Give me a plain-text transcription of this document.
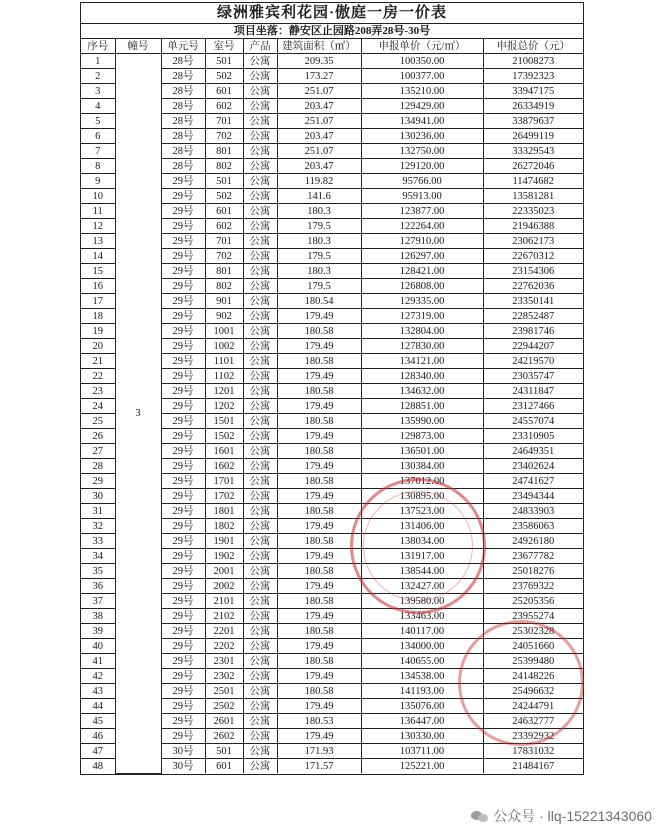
绿洲雅宾利花园·傲庭一房一价表
项目坐落：静安区止园路208弄28号-30号
序号	幢号	单元号	室号	产品	建筑面积（㎡）	申报单价（元/㎡）	申报总价（元）
1	3	28号	501	公寓	209.35	100350.00	21008273
2		28号	502	公寓	173.27	100377.00	17392323
3		28号	601	公寓	251.07	135210.00	33947175
4		28号	602	公寓	203.47	129429.00	26334919
5		28号	701	公寓	251.07	134941.00	33879637
6		28号	702	公寓	203.47	130236.00	26499119
7		28号	801	公寓	251.07	132750.00	33329543
8		28号	802	公寓	203.47	129120.00	26272046
9		29号	501	公寓	119.82	95766.00	11474682
10		29号	502	公寓	141.6	95913.00	13581281
11		29号	601	公寓	180.3	123877.00	22335023
12		29号	602	公寓	179.5	122264.00	21946388
13		29号	701	公寓	180.3	127910.00	23062173
14		29号	702	公寓	179.5	126297.00	22670312
15		29号	801	公寓	180.3	128421.00	23154306
16		29号	802	公寓	179.5	126808.00	22762036
17		29号	901	公寓	180.54	129335.00	23350141
18		29号	902	公寓	179.49	127319.00	22852487
19		29号	1001	公寓	180.58	132804.00	23981746
20		29号	1002	公寓	179.49	127830.00	22944207
21		29号	1101	公寓	180.58	134121.00	24219570
22		29号	1102	公寓	179.49	128340.00	23035747
23		29号	1201	公寓	180.58	134632.00	24311847
24		29号	1202	公寓	179.49	128851.00	23127466
25		29号	1501	公寓	180.58	135990.00	24557074
26		29号	1502	公寓	179.49	129873.00	23310905
27		29号	1601	公寓	180.58	136501.00	24649351
28		29号	1602	公寓	179.49	130384.00	23402624
29		29号	1701	公寓	180.58	137012.00	24741627
30		29号	1702	公寓	179.49	130895.00	23494344
31		29号	1801	公寓	180.58	137523.00	24833903
32		29号	1802	公寓	179.49	131406.00	23586063
33		29号	1901	公寓	180.58	138034.00	24926180
34		29号	1902	公寓	179.49	131917.00	23677782
35		29号	2001	公寓	180.58	138544.00	25018276
36		29号	2002	公寓	179.49	132427.00	23769322
37		29号	2101	公寓	180.58	139580.00	25205356
38		29号	2102	公寓	179.49	133463.00	23955274
39		29号	2201	公寓	180.58	140117.00	25302328
40		29号	2202	公寓	179.49	134000.00	24051660
41		29号	2301	公寓	180.58	140655.00	25399480
42		29号	2302	公寓	179.49	134538.00	24148226
43		29号	2501	公寓	180.58	141193.00	25496632
44		29号	2502	公寓	179.49	135076.00	24244791
45		29号	2601	公寓	180.53	136447.00	24632777
46		29号	2602	公寓	179.49	130330.00	23392932
47		30号	501	公寓	171.93	103711.00	17831032
48		30号	601	公寓	171.57	125221.00	21484167
公众号 · llq-15221343060
